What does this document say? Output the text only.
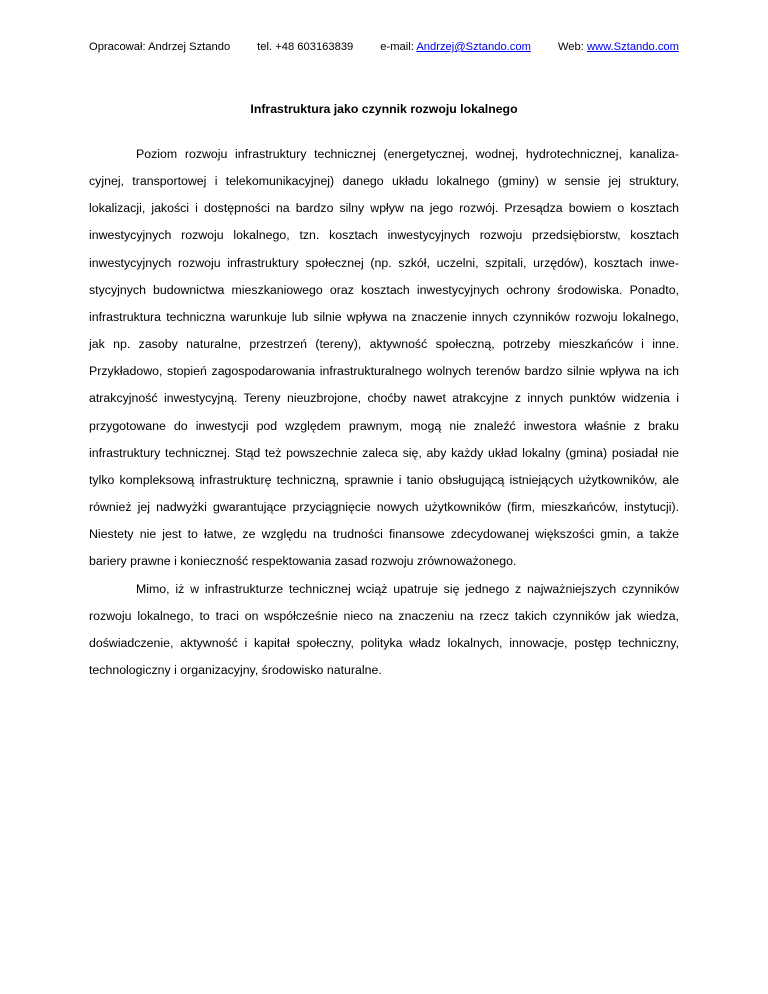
Opracował: Andrzej Sztando tel. +48 603163839 e-mail: Andrzej@Sztando.com Web: www.Sztando.com
Infrastruktura jako czynnik rozwoju lokalnego

Poziom rozwoju infrastruktury technicznej (energetycznej, wodnej, hydrotechnicznej, kanalizacyjnej, transportowej i telekomunikacyjnej) danego układu lokalnego (gminy) w sensie jej struktury, lokalizacji, jakości i dostępności na bardzo silny wpływ na jego rozwój. Przesądza bowiem o kosztach inwestycyjnych rozwoju lokalnego, tzn. kosztach inwestycyjnych rozwoju przedsiębiorstw, kosztach inwestycyjnych rozwoju infrastruktury społecznej (np. szkół, uczelni, szpitali, urzędów), kosztach inwestycyjnych budownictwa mieszkaniowego oraz kosztach inwestycyjnych ochrony środowiska. Ponadto, infrastruktura techniczna warunkuje lub silnie wpływa na znaczenie innych czynników rozwoju lokalnego, jak np. zasoby naturalne, przestrzeń (tereny), aktywność społeczną, potrzeby mieszkańców i inne. Przykładowo, stopień zagospodarowania infrastrukturalnego wolnych terenów bardzo silnie wpływa na ich atrakcyjność inwestycyjną. Tereny nieuzbrojone, choćby nawet atrakcyjne z innych punktów widzenia i przygotowane do inwestycji pod względem prawnym, mogą nie znaleźć inwestora właśnie z braku infrastruktury technicznej. Stąd też powszechnie zaleca się, aby każdy układ lokalny (gmina) posiadał nie tylko kompleksową infrastrukturę techniczną, sprawnie i tanio obsługującą istniejących użytkowników, ale również jej nadwyżki gwarantujące przyciągnięcie nowych użytkowników (firm, mieszkańców, instytucji). Niestety nie jest to łatwe, ze względu na trudności finansowe zdecydowanej większości gmin, a także bariery prawne i konieczność respektowania zasad rozwoju zrównoważonego.

Mimo, iż w infrastrukturze technicznej wciąż upatruje się jednego z najważniejszych czynników rozwoju lokalnego, to traci on współcześnie nieco na znaczeniu na rzecz takich czynników jak wiedza, doświadczenie, aktywność i kapitał społeczny, polityka władz lokalnych, innowacje, postęp techniczny, technologiczny i organizacyjny, środowisko naturalne.
